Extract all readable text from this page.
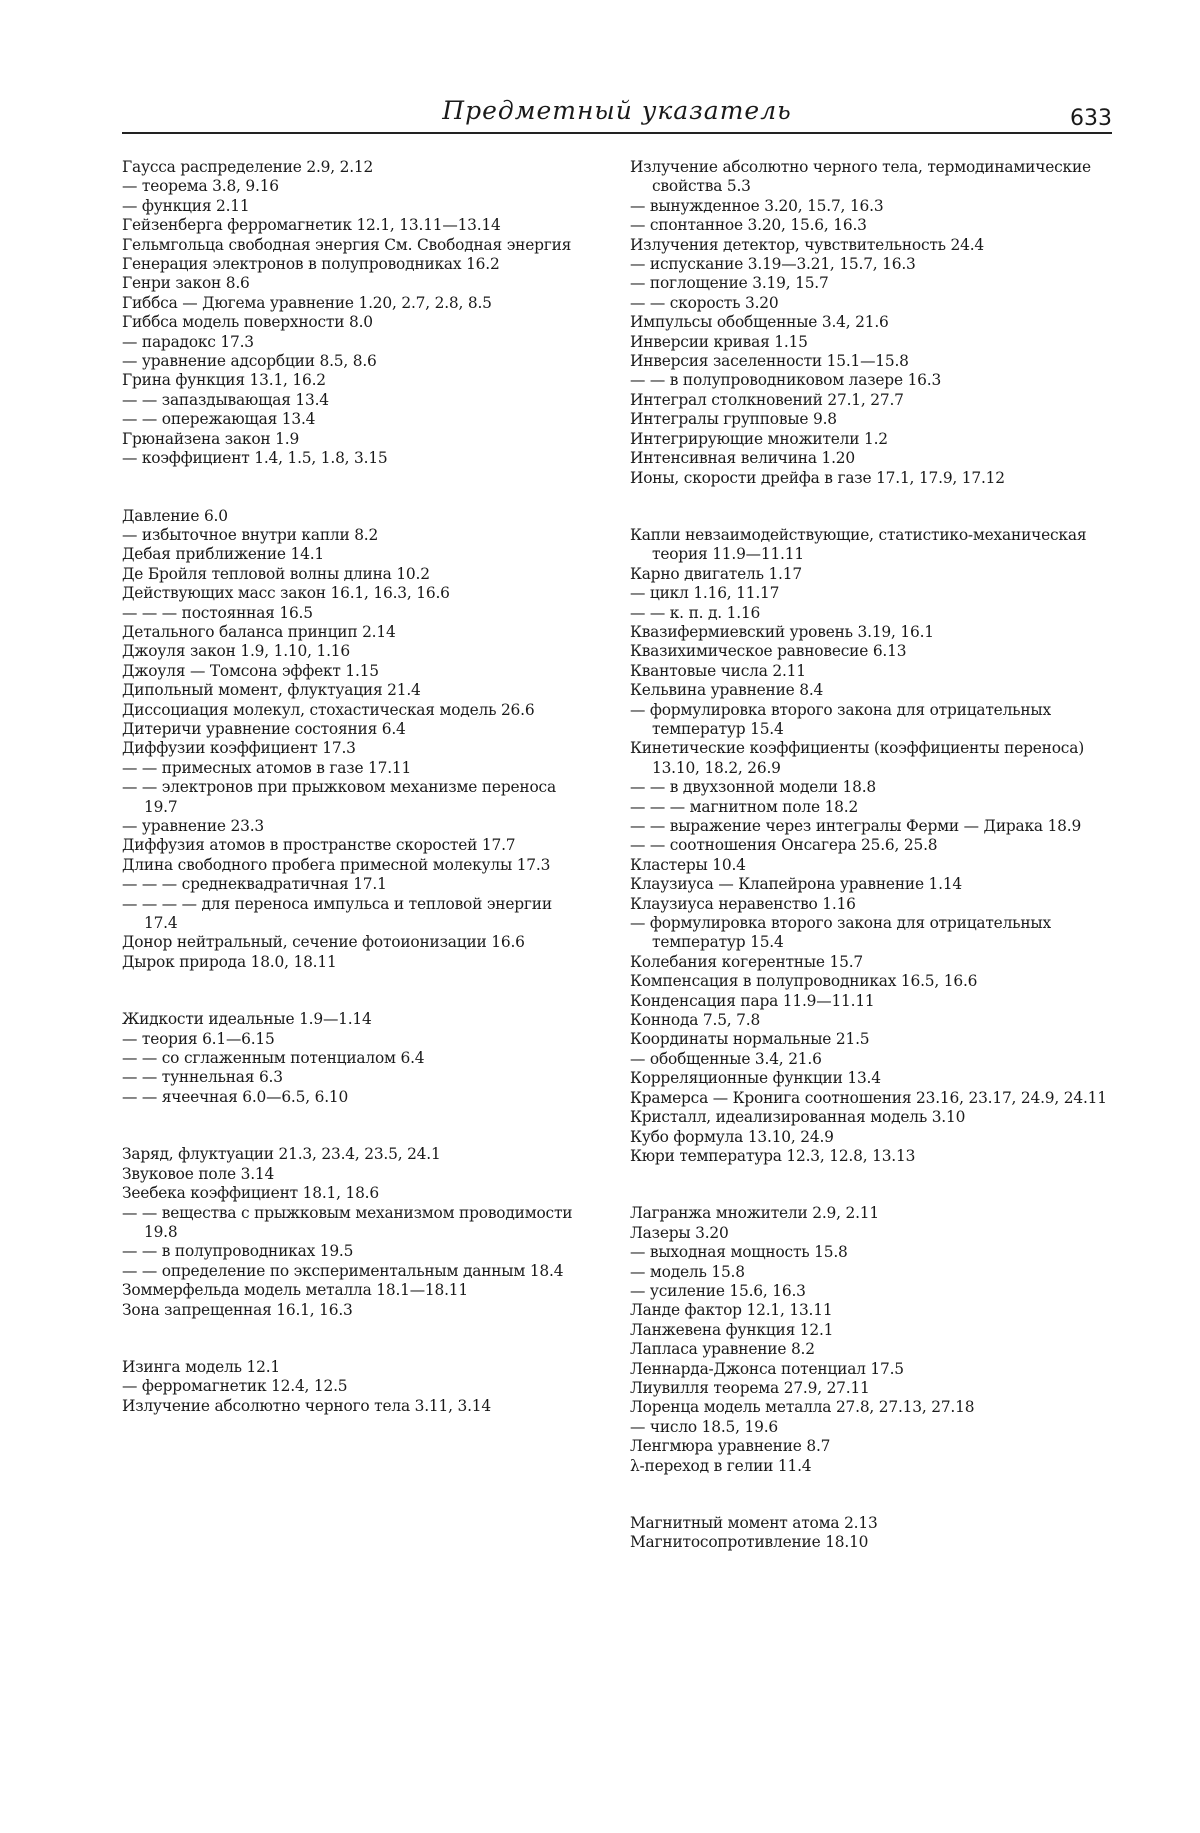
Предметный указатель	633

Гаусса распределение 2.9, 2.12

— теорема 3.8, 9.16

— функция 2.11

Гейзенберга ферромагнетик 12.1, 13.11—13.14

Гельмгольца свободная энергия См. Свободная энергия

Генерация электронов в полупроводниках 16.2

Генри закон 8.6

Гиббса — Дюгема уравнение 1.20, 2.7, 2.8, 8.5

Гиббса модель поверхности 8.0

— парадокс 17.3

— уравнение адсорбции 8.5, 8.6

Грина функция 13.1, 16.2

— — запаздывающая 13.4

— — опережающая 13.4

Грюнайзена закон 1.9

— коэффициент 1.4, 1.5, 1.8, 3.15

Давление 6.0

— избыточное внутри капли 8.2

Дебая приближение 14.1

Де Бройля тепловой волны длина 10.2

Действующих масс закон 16.1, 16.3, 16.6

— — — постоянная 16.5

Детального баланса принцип 2.14

Джоуля закон 1.9, 1.10, 1.16

Джоуля — Томсона эффект 1.15

Дипольный момент, флуктуация 21.4

Диссоциация молекул, стохастическая модель 26.6

Дитеричи уравнение состояния 6.4

Диффузии коэффициент 17.3

— — примесных атомов в газе 17.11

— — электронов при прыжковом механизме переноса 19.7

— уравнение 23.3

Диффузия атомов в пространстве скоростей 17.7

Длина свободного пробега примесной молекулы 17.3

— — — среднеквадратичная 17.1

— — — — для переноса импульса и тепловой энергии 17.4

Донор нейтральный, сечение фотоионизации 16.6

Дырок природа 18.0, 18.11

Жидкости идеальные 1.9—1.14

— теория 6.1—6.15

— — со сглаженным потенциалом 6.4

— — туннельная 6.3

— — ячеечная 6.0—6.5, 6.10

Заряд, флуктуации 21.3, 23.4, 23.5, 24.1

Звуковое поле 3.14

Зеебека коэффициент 18.1, 18.6

— — вещества с прыжковым механизмом проводимости 19.8

— — в полупроводниках 19.5

— — определение по экспериментальным данным 18.4

Зоммерфельда модель металла 18.1—18.11

Зона запрещенная 16.1, 16.3

Изинга модель 12.1

— ферромагнетик 12.4, 12.5

Излучение абсолютно черного тела 3.11, 3.14

Излучение абсолютно черного тела, термодинамические свойства 5.3

— вынужденное 3.20, 15.7, 16.3

— спонтанное 3.20, 15.6, 16.3

Излучения детектор, чувствительность 24.4

— испускание 3.19—3.21, 15.7, 16.3

— поглощение 3.19, 15.7

— — скорость 3.20

Импульсы обобщенные 3.4, 21.6

Инверсии кривая 1.15

Инверсия заселенности 15.1—15.8

— — в полупроводниковом лазере 16.3

Интеграл столкновений 27.1, 27.7

Интегралы групповые 9.8

Интегрирующие множители 1.2

Интенсивная величина 1.20

Ионы, скорости дрейфа в газе 17.1, 17.9, 17.12

Капли невзаимодействующие, статистико-механическая теория 11.9—11.11

Карно двигатель 1.17

— цикл 1.16, 11.17

— — к. п. д. 1.16

Квазифермиевский уровень 3.19, 16.1

Квазихимическое равновесие 6.13

Квантовые числа 2.11

Кельвина уравнение 8.4

— формулировка второго закона для отрицательных температур 15.4

Кинетические коэффициенты (коэффициенты переноса) 13.10, 18.2, 26.9

— — в двухзонной модели 18.8

— — — магнитном поле 18.2

— — выражение через интегралы Ферми — Дирака 18.9

— — соотношения Онсагера 25.6, 25.8

Кластеры 10.4

Клаузиуса — Клапейрона уравнение 1.14

Клаузиуса неравенство 1.16

— формулировка второго закона для отрицательных температур 15.4

Колебания когерентные 15.7

Компенсация в полупроводниках 16.5, 16.6

Конденсация пара 11.9—11.11

Коннода 7.5, 7.8

Координаты нормальные 21.5

— обобщенные 3.4, 21.6

Корреляционные функции 13.4

Крамерса — Кронига соотношения 23.16, 23.17, 24.9, 24.11

Кристалл, идеализированная модель 3.10

Кубо формула 13.10, 24.9

Кюри температура 12.3, 12.8, 13.13

Лагранжа множители 2.9, 2.11

Лазеры 3.20

— выходная мощность 15.8

— модель 15.8

— усиление 15.6, 16.3

Ланде фактор 12.1, 13.11

Ланжевена функция 12.1

Лапласа уравнение 8.2

Леннарда-Джонса потенциал 17.5

Лиувилля теорема 27.9, 27.11

Лоренца модель металла 27.8, 27.13, 27.18

— число 18.5, 19.6

Ленгмюра уравнение 8.7

λ-переход в гелии 11.4

Магнитный момент атома 2.13

Магнитосопротивление 18.10
